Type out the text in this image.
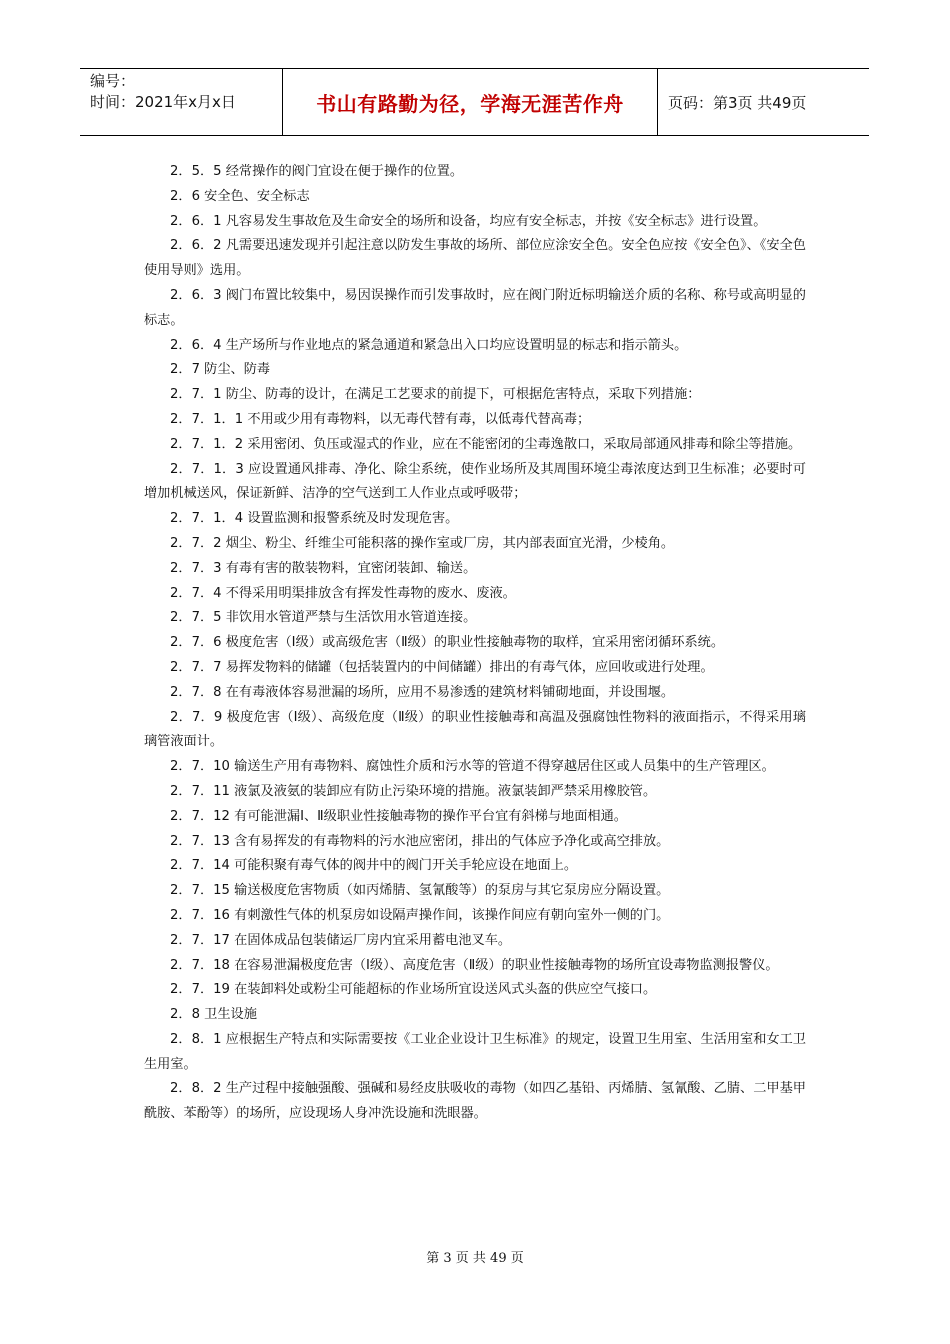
编号：
时间：2021年x月x日	书山有路勤为径，学海无涯苦作舟	页码：第3页 共49页

2．5．5 经常操作的阀门宜设在便于操作的位置。

2．6 安全色、安全标志

2．6．1 凡容易发生事故危及生命安全的场所和设备，均应有安全标志，并按《安全标志》进行设置。

2．6．2 凡需要迅速发现并引起注意以防发生事故的场所、部位应涂安全色。安全色应按《安全色》、《安全色使用导则》选用。

2．6．3 阀门布置比较集中，易因误操作而引发事故时，应在阀门附近标明输送介质的名称、称号或高明显的标志。

2．6．4 生产场所与作业地点的紧急通道和紧急出入口均应设置明显的标志和指示箭头。

2．7 防尘、防毒

2．7．1 防尘、防毒的设计，在满足工艺要求的前提下，可根据危害特点，采取下列措施：

2．7．1．1 不用或少用有毒物料，以无毒代替有毒，以低毒代替高毒；

2．7．1．2 采用密闭、负压或湿式的作业，应在不能密闭的尘毒逸散口，采取局部通风排毒和除尘等措施。

2．7．1．3 应设置通风排毒、净化、除尘系统，使作业场所及其周围环境尘毒浓度达到卫生标准；必要时可增加机械送风，保证新鲜、洁净的空气送到工人作业点或呼吸带；

2．7．1．4 设置监测和报警系统及时发现危害。

2．7．2 烟尘、粉尘、纤维尘可能积落的操作室或厂房，其内部表面宜光滑，少棱角。

2．7．3 有毒有害的散装物料，宜密闭装卸、输送。

2．7．4 不得采用明渠排放含有挥发性毒物的废水、废液。

2．7．5 非饮用水管道严禁与生活饮用水管道连接。

2．7．6 极度危害（Ⅰ级）或高级危害（Ⅱ级）的职业性接触毒物的取样，宜采用密闭循环系统。

2．7．7 易挥发物料的储罐（包括装置内的中间储罐）排出的有毒气体，应回收或进行处理。

2．7．8 在有毒液体容易泄漏的场所，应用不易渗透的建筑材料铺砌地面，并设围堰。

2．7．9 极度危害（Ⅰ级）、高级危度（Ⅱ级）的职业性接触毒和高温及强腐蚀性物料的液面指示，不得采用璃璃管液面计。

2．7．10 输送生产用有毒物料、腐蚀性介质和污水等的管道不得穿越居住区或人员集中的生产管理区。

2．7．11 液氯及液氨的装卸应有防止污染环境的措施。液氯装卸严禁采用橡胶管。

2．7．12 有可能泄漏Ⅰ、Ⅱ级职业性接触毒物的操作平台宜有斜梯与地面相通。

2．7．13 含有易挥发的有毒物料的污水池应密闭，排出的气体应予净化或高空排放。

2．7．14 可能积聚有毒气体的阀井中的阀门开关手轮应设在地面上。

2．7．15 输送极度危害物质（如丙烯腈、氢氰酸等）的泵房与其它泵房应分隔设置。

2．7．16 有刺激性气体的机泵房如设隔声操作间，该操作间应有朝向室外一侧的门。

2．7．17 在固体成品包装储运厂房内宜采用蓄电池叉车。

2．7．18 在容易泄漏极度危害（Ⅰ级）、高度危害（Ⅱ级）的职业性接触毒物的场所宜设毒物监测报警仪。

2．7．19 在装卸料处或粉尘可能超标的作业场所宜设送风式头盔的供应空气接口。

2．8 卫生设施

2．8．1 应根据生产特点和实际需要按《工业企业设计卫生标准》的规定，设置卫生用室、生活用室和女工卫生用室。

2．8．2 生产过程中接触强酸、强碱和易经皮肤吸收的毒物（如四乙基铅、丙烯腈、氢氰酸、乙腈、二甲基甲酰胺、苯酚等）的场所，应设现场人身冲洗设施和洗眼器。

第 3 页 共 49 页
